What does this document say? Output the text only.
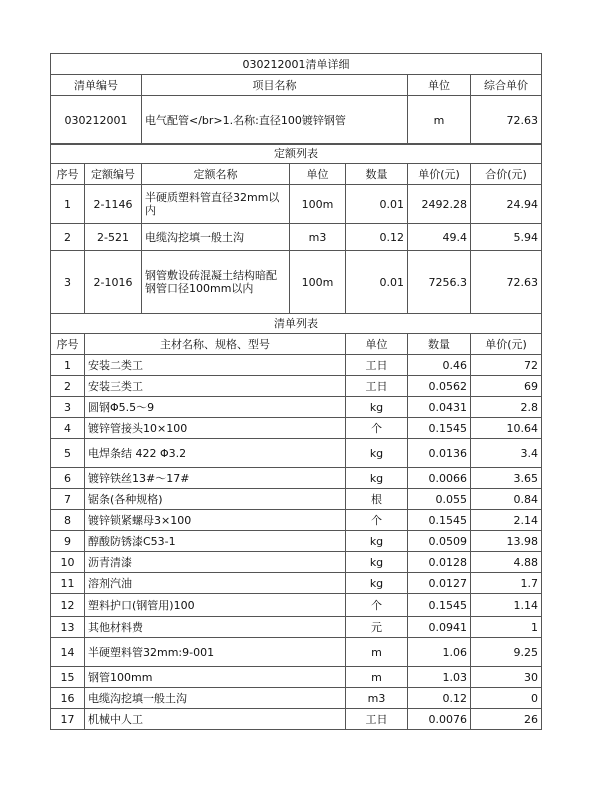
030212001清单详细			
清单编号	项目名称	单位	综合单价
030212001	电气配管</br>1.名称:直径100镀锌钢管	m	72.63
定额列表							
序号	定额编号	定额名称	单位	数量	单价(元)	合价(元)	
1	2-1146	半硬质塑料管直径32mm以内	100m	0.01	2492.28	24.94	
2	2-521	电缆沟挖填一般土沟	m3	0.12	49.4	5.94	
3	2-1016	钢管敷设砖混凝土结构暗配钢管口径100mm以内	100m	0.01	7256.3	72.63	
清单列表							
序号	主材名称、规格、型号			单位	数量	单价(元)	
1	安装二类工			工日	0.46	72	
2	安装三类工			工日	0.0562	69	
3	圆钢Φ5.5～9			kg	0.0431	2.8	
4	镀锌管接头10×100			个	0.1545	10.64	
5	电焊条结 422 Φ3.2			kg	0.0136	3.4	
6	镀锌铁丝13#～17#			kg	0.0066	3.65	
7	锯条(各种规格)			根	0.055	0.84	
8	镀锌锁紧螺母3×100			个	0.1545	2.14	
9	醇酸防锈漆C53-1			kg	0.0509	13.98	
10	沥青清漆			kg	0.0128	4.88	
11	溶剂汽油			kg	0.0127	1.7	
12	塑料护口(钢管用)100			个	0.1545	1.14	
13	其他材料费			元	0.0941	1	
14	半硬塑料管32mm:9-001			m	1.06	9.25	
15	钢管100mm			m	1.03	30	
16	电缆沟挖填一般土沟			m3	0.12	0	
17	机械中人工			工日	0.0076	26	
